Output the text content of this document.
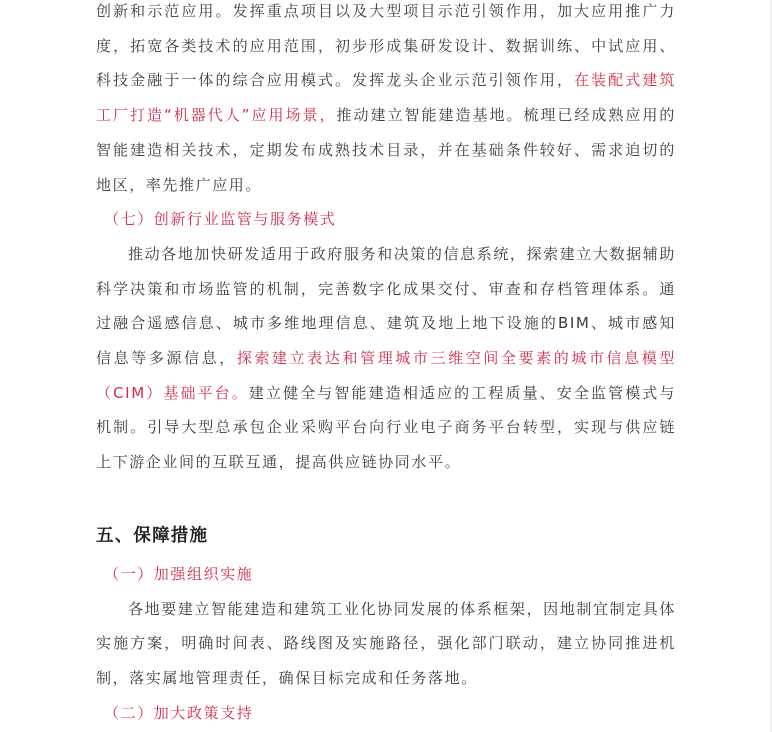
创新和示范应用。发挥重点项目以及大型项目示范引领作用，加大应用推广力度，拓宽各类技术的应用范围，初步形成集研发设计、数据训练、中试应用、科技金融于一体的综合应用模式。发挥龙头企业示范引领作用，在装配式建筑工厂打造“机器代人”应用场景，推动建立智能建造基地。梳理已经成熟应用的智能建造相关技术，定期发布成熟技术目录，并在基础条件较好、需求迫切的地区，率先推广应用。

（七）创新行业监管与服务模式

推动各地加快研发适用于政府服务和决策的信息系统，探索建立大数据辅助科学决策和市场监管的机制，完善数字化成果交付、审查和存档管理体系。通过融合遥感信息、城市多维地理信息、建筑及地上地下设施的BIM、城市感知信息等多源信息，探索建立表达和管理城市三维空间全要素的城市信息模型（CIM）基础平台。建立健全与智能建造相适应的工程质量、安全监管模式与机制。引导大型总承包企业采购平台向行业电子商务平台转型，实现与供应链上下游企业间的互联互通，提高供应链协同水平。

五、保障措施

（一）加强组织实施

各地要建立智能建造和建筑工业化协同发展的体系框架，因地制宜制定具体实施方案，明确时间表、路线图及实施路径，强化部门联动，建立协同推进机制，落实属地管理责任，确保目标完成和任务落地。

（二）加大政策支持
